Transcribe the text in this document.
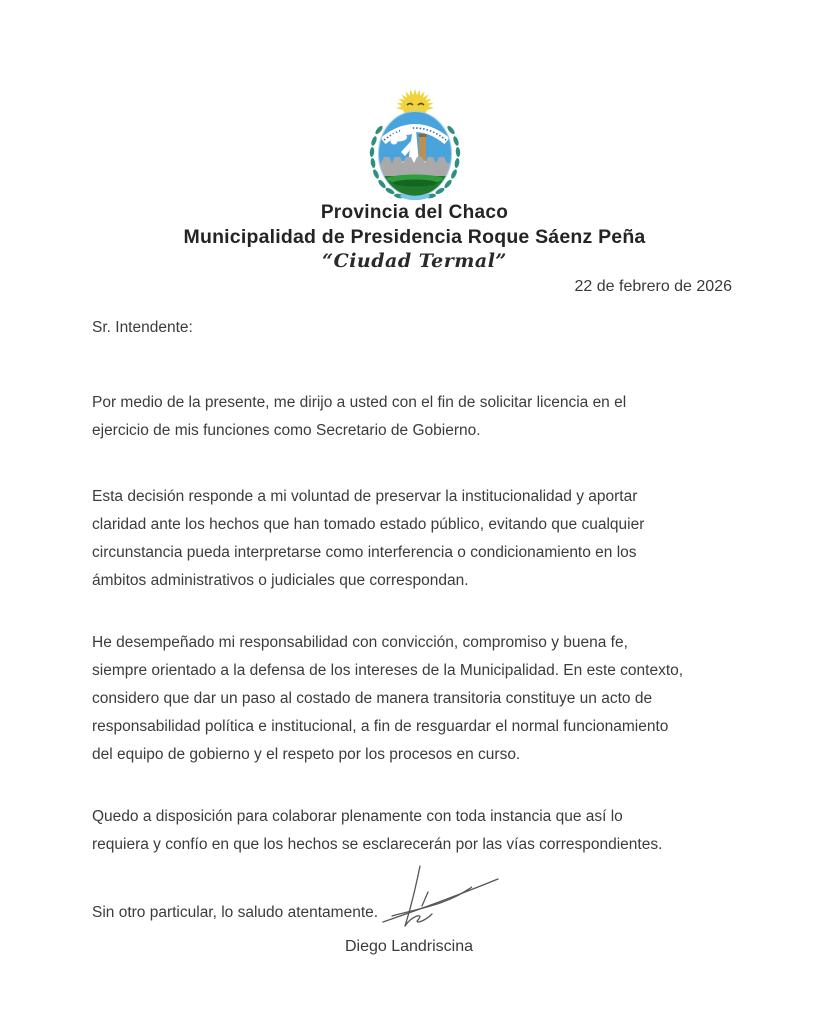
Provincia del Chaco
Municipalidad de Presidencia Roque Sáenz Peña
“Ciudad Termal”
22 de febrero de 2026
Sr. Intendente:
Por medio de la presente, me dirijo a usted con el fin de solicitar licencia en el
ejercicio de mis funciones como Secretario de Gobierno.
Esta decisión responde a mi voluntad de preservar la institucionalidad y aportar
claridad ante los hechos que han tomado estado público, evitando que cualquier
circunstancia pueda interpretarse como interferencia o condicionamiento en los
ámbitos administrativos o judiciales que correspondan.
He desempeñado mi responsabilidad con convicción, compromiso y buena fe,
siempre orientado a la defensa de los intereses de la Municipalidad. En este contexto,
considero que dar un paso al costado de manera transitoria constituye un acto de
responsabilidad política e institucional, a fin de resguardar el normal funcionamiento
del equipo de gobierno y el respeto por los procesos en curso.
Quedo a disposición para colaborar plenamente con toda instancia que así lo
requiera y confío en que los hechos se esclarecerán por las vías correspondientes.
Sin otro particular, lo saludo atentamente.
Diego Landriscina
